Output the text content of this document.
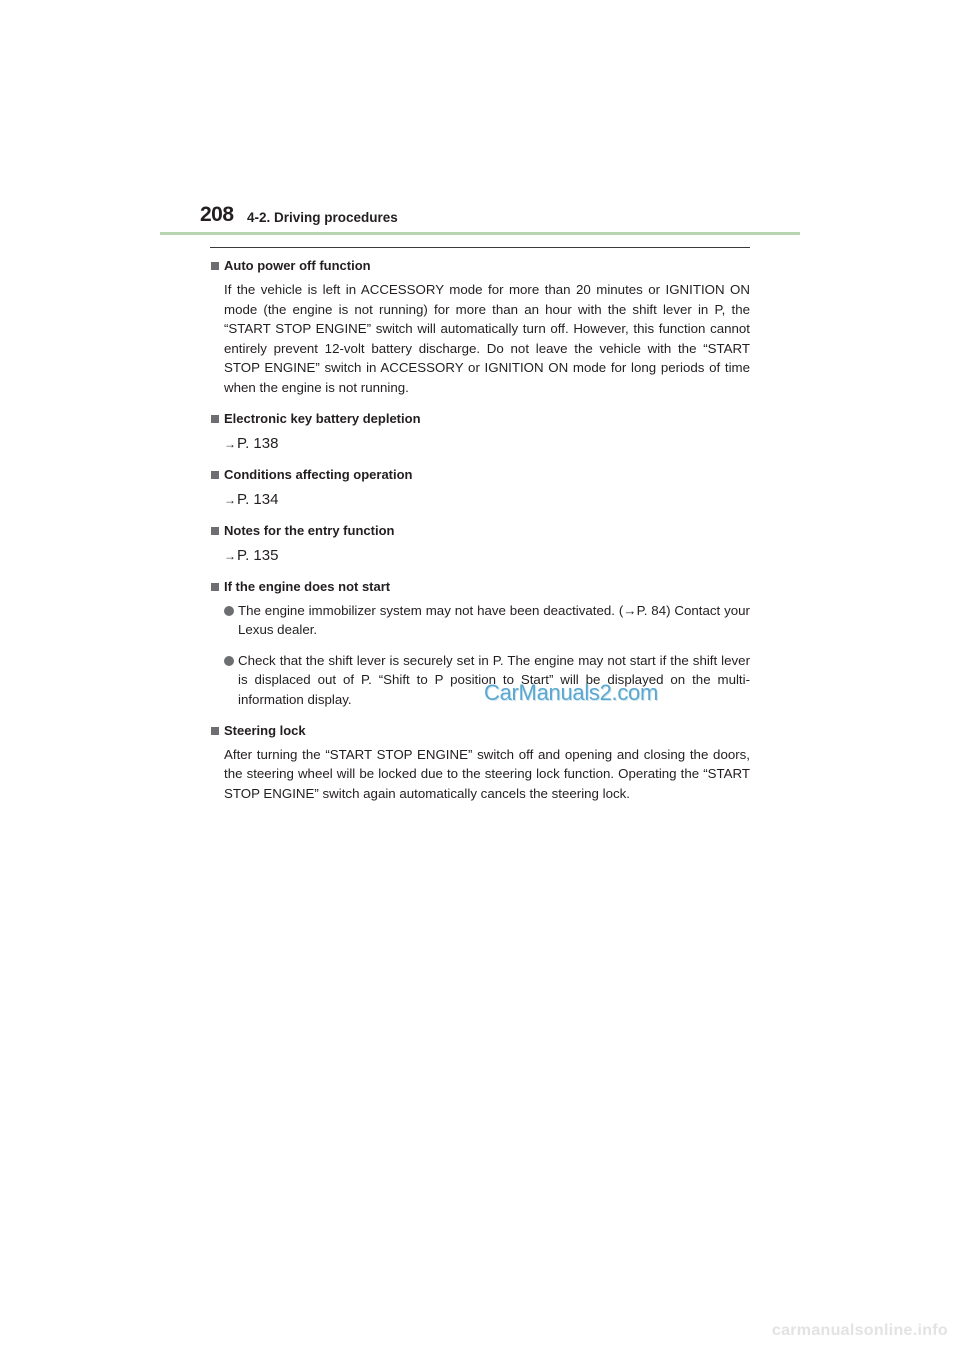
208 4-2. Driving procedures
Auto power off function
If the vehicle is left in ACCESSORY mode for more than 20 minutes or IGNITION ON mode (the engine is not running) for more than an hour with the shift lever in P, the “START STOP ENGINE” switch will automatically turn off. However, this function cannot entirely prevent 12-volt battery discharge. Do not leave the vehicle with the “START STOP ENGINE” switch in ACCESSORY or IGNITION ON mode for long periods of time when the engine is not running.
Electronic key battery depletion
→P. 138
Conditions affecting operation
→P. 134
Notes for the entry function
→P. 135
If the engine does not start
The engine immobilizer system may not have been deactivated. (→P. 84) Contact your Lexus dealer.
Check that the shift lever is securely set in P. The engine may not start if the shift lever is displaced out of P. “Shift to P position to Start” will be displayed on the multi-information display.
Steering lock
After turning the “START STOP ENGINE” switch off and opening and closing the doors, the steering wheel will be locked due to the steering lock function. Operating the “START STOP ENGINE” switch again automatically cancels the steering lock.
CarManuals2.com
carmanualsonline.info
